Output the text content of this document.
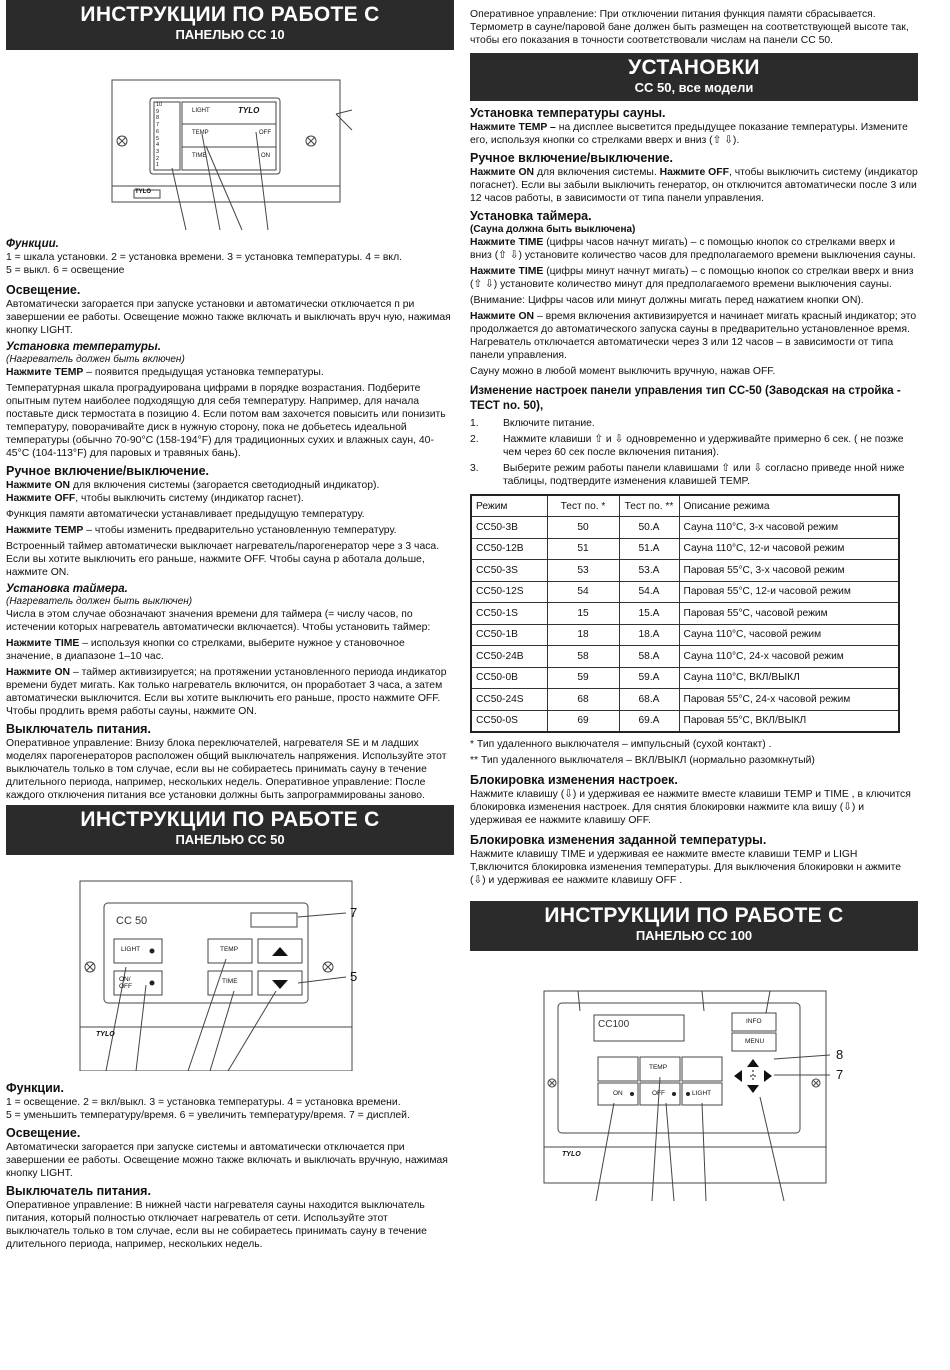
ИНСТРУКЦИИ ПО РАБОТЕ С
ПАНЕЛЬЮ CC 10
10
9
8
7
6
5
4
3
2
1
LIGHT	TYLO
TEMP	OFF
TIME	ON
TYLO
Функции.

1 = шкала установки. 2 = установка времени. 3 = установка температуры. 4 = вкл.

5 = выкл. 6 = освещение

Освещение.

Автоматически загорается при запуске установки и автоматически отключается п ри завершении ее работы. Освещение можно также включать и выключать вруч ную, нажимая кнопку LIGHT.

Установка температуры.
(Нагреватель должен быть включен)

Нажмите TEMP – появится предыдущая установка температуры.

Температурная шкала проградуирована цифрами в порядке возрастания. Подберите опытным путем наиболее подходящую для себя температуру. Например, для начала поставьте диск термостата в позицию 4. Если потом вам захочется повысить или понизить температуру, поворачивайте диск в нужную сторону, пока не добьетесь идеальной температуры (обычно 70-90°C (158-194°F) для традиционных сухих и влажных саун, 40-45°C (104-113°F) для паровых и травяных бань).

Ручное включение/выключение.

Нажмите ON для включения системы (загорается светодиодный индикатор).

Нажмите OFF, чтобы выключить систему (индикатор гаснет).

Функция памяти автоматически устанавливает предыдущую температуру.

Нажмите TEMP – чтобы изменить предварительно установленную температуру.

Встроенный таймер автоматически выключает нагреватель/парогенератор чере з 3 часа. Если вы хотите выключить его раньше, нажмите OFF. Чтобы сауна р аботала дольше, нажмите ON.

Установка таймера.
(Нагреватель должен быть выключен)

Числа в этом случае обозначают значения времени для таймера (= числу часов, по истечении которых нагреватель автоматически включается). Чтобы установить таймер:

Нажмите TIME – используя кнопки со стрелками, выберите нужное у становочное значение, в диапазоне 1–10 час.

Нажмите ON – таймер активизируется; на протяжении установленного периода индикатор времени будет мигать. Как только нагреватель включится, он проработает 3 часа, а затем автоматически выключится. Если вы хотите выключить его раньше, просто нажмите OFF. Чтобы продлить время работы сауны, нажмите ON.

Выключатель питания.

Оперативное управление: Внизу блока переключателей, нагревателя SE и м ладших моделях парогенераторов расположен общий выключатель напряжения. Используйте этот выключатель только в том случае, если вы не собираетесь принимать сауну в течение длительного периода, например, нескольких недель. Оперативное управление: После каждого отключения питания все установки должны быть запрограммированы заново.

ИНСТРУКЦИИ ПО РАБОТЕ С
ПАНЕЛЬЮ CC 50
CC 50
LIGHT
ON/ OFF
TEMP
TIME
7
5
TYLO
Функции.

1 = освещение. 2 = вкл/выкл. 3 = установка температуры. 4 = установка времени.

5 = уменьшить температуру/время. 6 = увеличить температуру/время. 7 = дисплей.

Освещение.

Автоматически загорается при запуске системы и автоматически отключается при завершении ее работы. Освещение можно также включать и выключать вручную, нажимая кнопку LIGHT.

Выключатель питания.

Оперативное управление: В нижней части нагревателя сауны находится выключатель питания, который полностью отключает нагреватель от сети. Используйте этот выключатель только в том случае, если вы не собираетесь принимать сауну в течение длительного периода, например, нескольких недель.

Оперативное управление: При отключении питания функция памяти сбрасывается. Термометр в сауне/паровой бане должен быть размещен на соответствующей высоте так, чтобы его показания в точности соответствовали числам на панели CC 50.

УСТАНОВКИ
CC 50, все модели
Установка температуры сауны.

Нажмите TEMP – на дисплее высветится предыдущее показание температуры. Измените его, используя кнопки со стрелками вверх и вниз (⇧ ⇩).

Ручное включение/выключение.

Нажмите ON для включения системы. Нажмите OFF, чтобы выключить систему (индикатор погаснет). Если вы забыли выключить генератор, он отключится автоматически после 3 или 12 часов работы, в зависимости от типа панели управления.

Установка таймера.
(Сауна должна быть выключена)

Нажмите TIME (цифры часов начнут мигать) – с помощью кнопок со стрелками вверх и вниз (⇧ ⇩) установите количество часов для предполагаемого времени выключения сауны.

Нажмите TIME (цифры минут начнут мигать) – с помощью кнопок со стрелкаи вверх и вниз (⇧ ⇩) установите количество минут для предполагаемого времени выключения сауны.

(Внимание: Цифры часов или минут должны мигать перед нажатием кнопки ON).

Нажмите ON – время включения активизируется и начинает мигать красный индикатор; это продолжается до автоматического запуска сауны в предварительно установленное время. Нагреватель отключается автоматически через 3 или 12 часов – в зависимости от типа панели управления.

Сауну можно в любой момент выключить вручную, нажав OFF.

Изменение настроек панели управления тип CC-50 (Заводская на стройка - ТЕСТ no. 50),
1.	Включите питание.
2.	Нажмите клавиши ⇧ и ⇩ одновременно и удерживайте примерно 6 сек. ( не позже чем через 60 сек после включения питания).
3.	Выберите режим работы панели клавишами ⇧ или ⇩ согласно приведе нной ниже таблицы, подтвердите изменения клавишей TEMP.
Режим	Тест по. *	Тест по. **	Описание режима
CC50-3B	50	50.A	Сауна 110°C, 3-х часовой режим
CC50-12B	51	51.A	Сауна 110°C, 12-и часовой режим
CC50-3S	53	53.A	Паровая 55°C, 3-х часовой режим
CC50-12S	54	54.A	Паровая 55°C, 12-и часовой режим
CC50-1S	15	15.A	Паровая 55°C, часовой режим
CC50-1B	18	18.A	Сауна 110°C, часовой режим
CC50-24B	58	58.A	Сауна 110°C, 24-х часовой режим
CC50-0B	59	59.A	Сауна 110°C, ВКЛ/ВЫКЛ
CC50-24S	68	68.A	Паровая 55°C, 24-х часовой режим
CC50-0S	69	69.A	Паровая 55°C, ВКЛ/ВЫКЛ

* Тип удаленного выключателя – импульсный (сухой контакт) .

** Тип удаленного выключателя – ВКЛ/ВЫКЛ (нормально разомкнутый)

Блокировка изменения настроек.

Нажмите клавишу (⇩) и удерживая ее нажмите вместе клавиши TEMP и TIME , в ключится блокировка изменения настроек. Для снятия блокировки нажмите кла вишу (⇩) и удерживая ее нажмите клавишу OFF.

Блокировка изменения заданной температуры.

Нажмите клавишу TIME и удерживая ее нажмите вместе клавиши TEMP и LIGH T,включится блокировка изменения температуры. Для выключения блокировки н ажмите (⇩) и удерживая ее нажмите клавишу OFF .

ИНСТРУКЦИИ ПО РАБОТЕ С
ПАНЕЛЬЮ CC 100
CC100	INFO
MENU
TEMP
ON	OFF	LIGHT
8
7
TYLO
